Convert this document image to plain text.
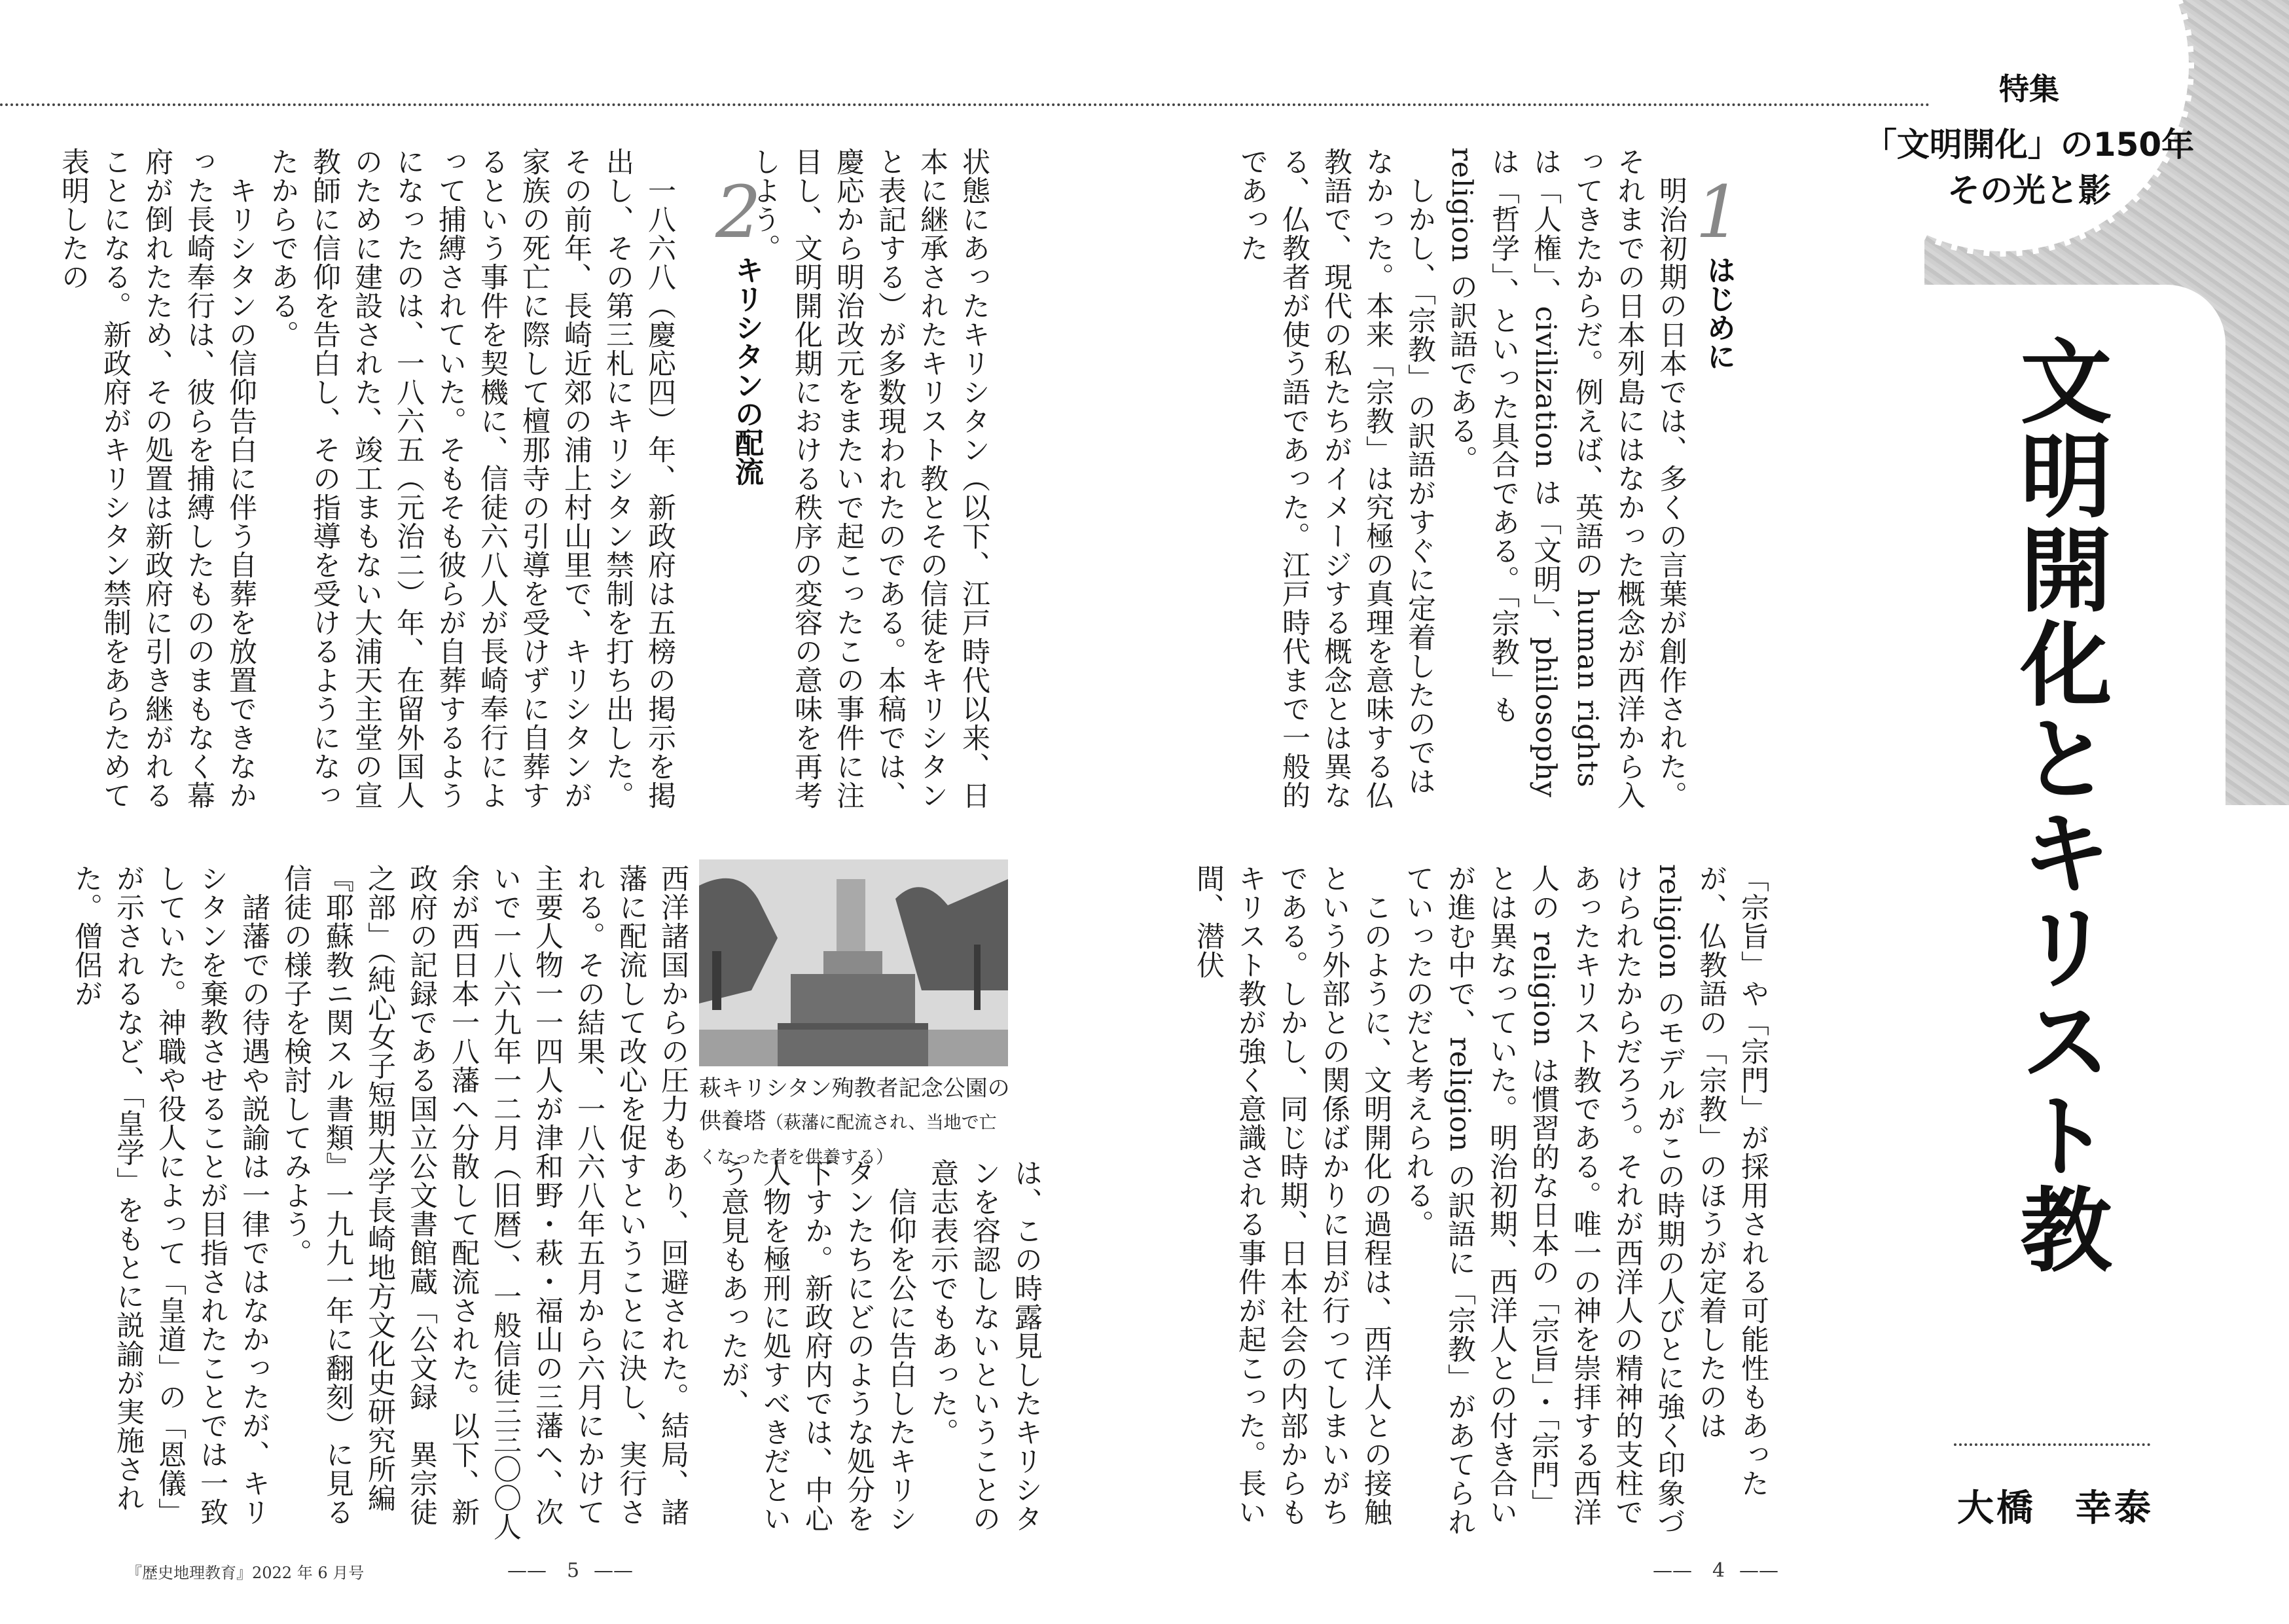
特集
「文明開化」の150年
その光と影
文明開化とキリスト教
大橋　幸泰
1
はじめに
　明治初期の日本では、多くの言葉が創作された。それまでの日本列島にはなかった概念が西洋から入ってきたからだ。例えば、英語の human rights は「人権」、civilization は「文明」、philosophy は「哲学」、といった具合である。「宗教」も religion の訳語である。
　しかし、「宗教」の訳語がすぐに定着したのではなかった。本来「宗教」は究極の真理を意味する仏教語で、現代の私たちがイメージする概念とは異なる、仏教者が使う語であった。江戸時代まで一般的であった
「宗旨」や「宗門」が採用される可能性もあったが、仏教語の「宗教」のほうが定着したのは religion のモデルがこの時期の人びとに強く印象づけられたからだろう。それが西洋人の精神的支柱であったキリスト教である。唯一の神を崇拝する西洋人の religion は慣習的な日本の「宗旨」・「宗門」とは異なっていた。明治初期、西洋人との付き合いが進む中で、religion の訳語に「宗教」があてられていったのだと考えられる。
　このように、文明開化の過程は、西洋人との接触という外部との関係ばかりに目が行ってしまいがちである。しかし、同じ時期、日本社会の内部からもキリスト教が強く意識される事件が起こった。長い間、潜伏
状態にあったキリシタン（以下、江戸時代以来、日本に継承されたキリスト教とその信徒をキリシタンと表記する）が多数現われたのである。本稿では、慶応から明治改元をまたいで起こったこの事件に注目し、文明開化期における秩序の変容の意味を再考しよう。
2
キリシタンの配流
　一八六八（慶応四）年、新政府は五榜の掲示を掲出し、その第三札にキリシタン禁制を打ち出した。その前年、長崎近郊の浦上村山里で、キリシタンが家族の死亡に際して檀那寺の引導を受けずに自葬するという事件を契機に、信徒六八人が長崎奉行によって捕縛されていた。そもそも彼らが自葬するようになったのは、一八六五（元治二）年、在留外国人のために建設された、竣工まもない大浦天主堂の宣教師に信仰を告白し、その指導を受けるようになったからである。
　キリシタンの信仰告白に伴う自葬を放置できなかった長崎奉行は、彼らを捕縛したもののまもなく幕府が倒れたため、その処置は新政府に引き継がれることになる。新政府がキリシタン禁制をあらためて表明したの
萩キリシタン殉教者記念公園の供養塔（萩藩に配流され、当地で亡くなった者を供養する）
は、この時露見したキリシタンを容認しないということの意志表示でもあった。
　信仰を公に告白したキリシタンたちにどのような処分を下すか。新政府内では、中心人物を極刑に処すべきだという意見もあったが、
西洋諸国からの圧力もあり、回避された。結局、諸藩に配流して改心を促すということに決し、実行される。その結果、一八六八年五月から六月にかけて主要人物一一四人が津和野・萩・福山の三藩へ、次いで一八六九年一二月（旧暦）、一般信徒三三〇〇人余が西日本一八藩へ分散して配流された。以下、新政府の記録である国立公文書館蔵「公文録　異宗徒之部」（純心女子短期大学長崎地方文化史研究所編『耶蘇教ニ関スル書類』一九九一年に翻刻）に見る信徒の様子を検討してみよう。
　諸藩での待遇や説諭は一律ではなかったが、キリシタンを棄教させることが目指されたことでは一致していた。神職や役人によって「皇道」の「恩儀」が示されるなど、「皇学」をもとに説諭が実施された。僧侶が
『歴史地理教育』2022 年 6 月号	—— 5 ——	—— 4 ——
